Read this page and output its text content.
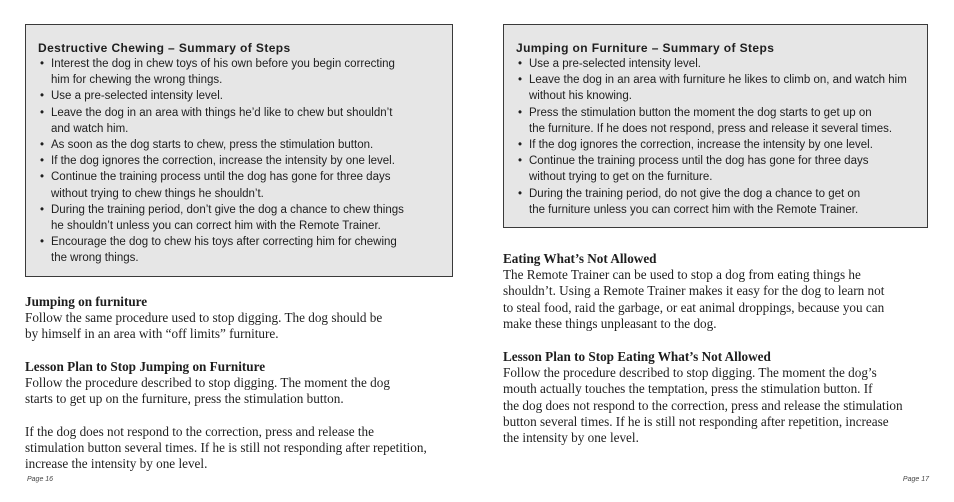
Destructive Chewing – Summary of Steps
• Interest the dog in chew toys of his own before you begin correcting
him for chewing the wrong things.
• Use a pre-selected intensity level.
• Leave the dog in an area with things he’d like to chew but shouldn’t
and watch him.
• As soon as the dog starts to chew, press the stimulation button.
• If the dog ignores the correction, increase the intensity by one level.
• Continue the training process until the dog has gone for three days
without trying to chew things he shouldn’t.
• During the training period, don’t give the dog a chance to chew things
he shouldn’t unless you can correct him with the Remote Trainer.
• Encourage the dog to chew his toys after correcting him for chewing
the wrong things.
Jumping on furniture

Follow the same procedure used to stop digging. The dog should be
by himself in an area with “off limits” furniture.

Lesson Plan to Stop Jumping on Furniture

Follow the procedure described to stop digging. The moment the dog
starts to get up on the furniture, press the stimulation button.

If the dog does not respond to the correction, press and release the
stimulation button several times. If he is still not responding after repetition,
increase the intensity by one level.

Page 16
Jumping on Furniture – Summary of Steps
• Use a pre-selected intensity level.
• Leave the dog in an area with furniture he likes to climb on, and watch him
without his knowing.
• Press the stimulation button the moment the dog starts to get up on
the furniture. If he does not respond, press and release it several times.
• If the dog ignores the correction, increase the intensity by one level.
• Continue the training process until the dog has gone for three days
without trying to get on the furniture.
• During the training period, do not give the dog a chance to get on
the furniture unless you can correct him with the Remote Trainer.
Eating What’s Not Allowed

The Remote Trainer can be used to stop a dog from eating things he
shouldn’t. Using a Remote Trainer makes it easy for the dog to learn not
to steal food, raid the garbage, or eat animal droppings, because you can
make these things unpleasant to the dog.

Lesson Plan to Stop Eating What’s Not Allowed

Follow the procedure described to stop digging. The moment the dog’s
mouth actually touches the temptation, press the stimulation button. If
the dog does not respond to the correction, press and release the stimulation
button several times. If he is still not responding after repetition, increase
the intensity by one level.

Page 17
